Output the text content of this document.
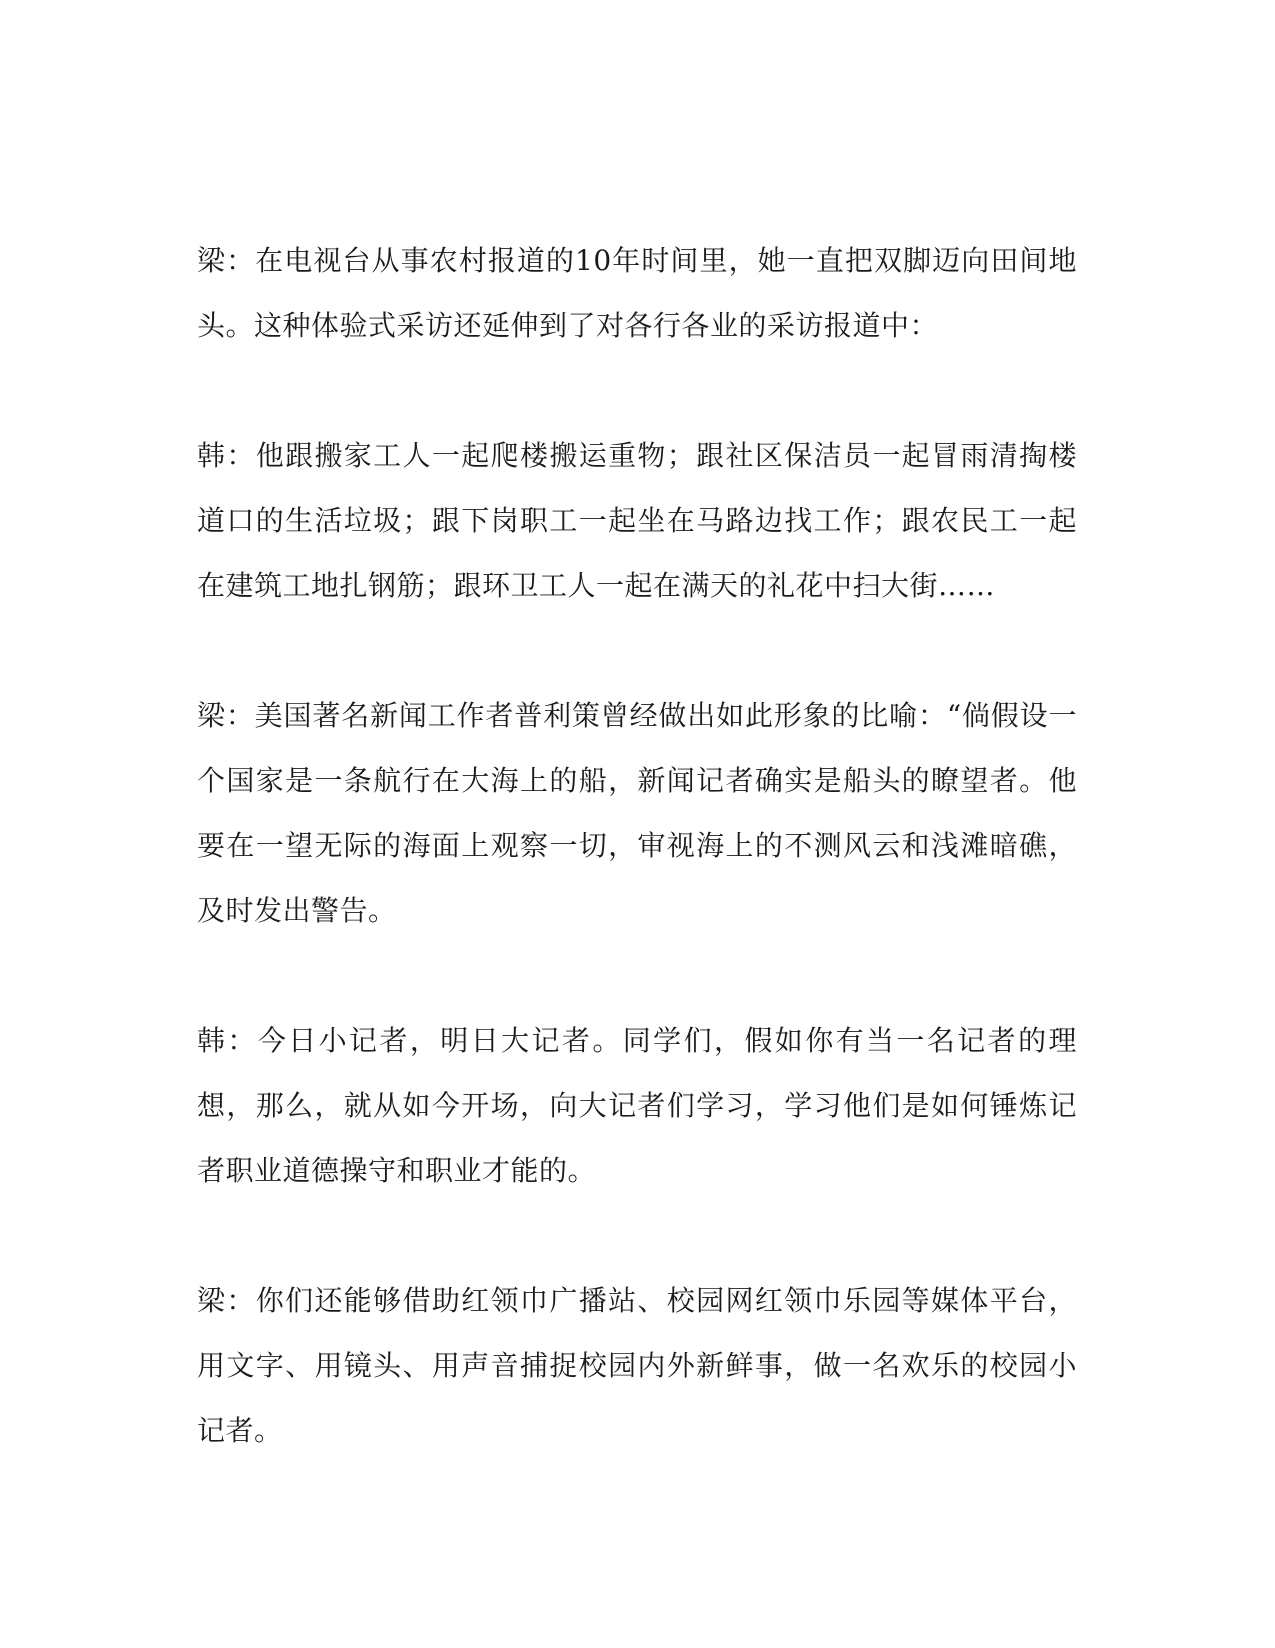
梁：在电视台从事农村报道的10年时间里，她一直把双脚迈向田间地头。这种体验式采访还延伸到了对各行各业的采访报道中：

韩：他跟搬家工人一起爬楼搬运重物；跟社区保洁员一起冒雨清掏楼道口的生活垃圾；跟下岗职工一起坐在马路边找工作；跟农民工一起在建筑工地扎钢筋；跟环卫工人一起在满天的礼花中扫大街……

梁：美国著名新闻工作者普利策曾经做出如此形象的比喻：“倘假设一个国家是一条航行在大海上的船，新闻记者确实是船头的瞭望者。他要在一望无际的海面上观察一切，审视海上的不测风云和浅滩暗礁，及时发出警告。

韩：今日小记者，明日大记者。同学们，假如你有当一名记者的理想，那么，就从如今开场，向大记者们学习，学习他们是如何锤炼记者职业道德操守和职业才能的。

梁：你们还能够借助红领巾广播站、校园网红领巾乐园等媒体平台，用文字、用镜头、用声音捕捉校园内外新鲜事，做一名欢乐的校园小记者。
